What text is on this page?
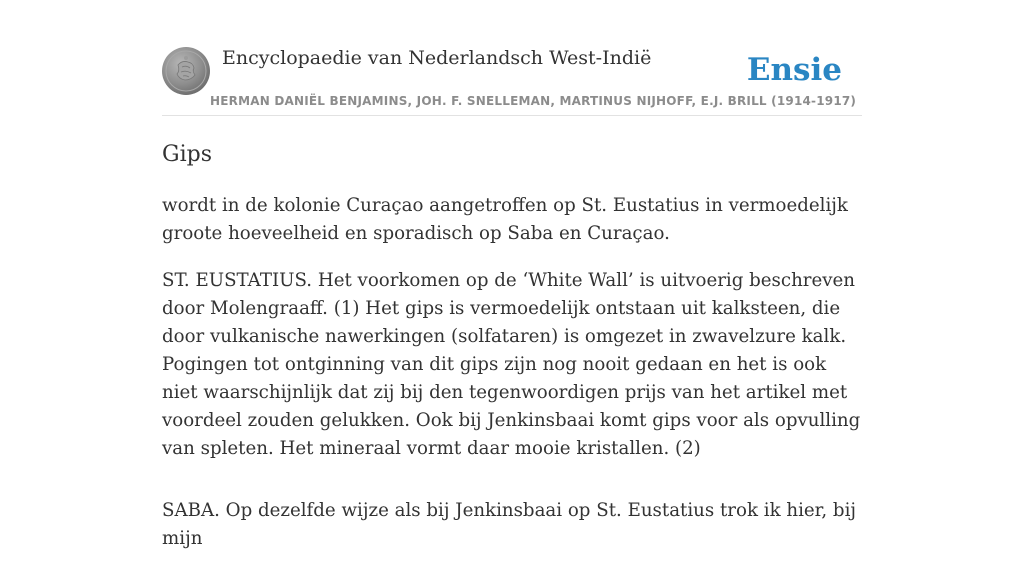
Encyclopaedie van Nederlandsch West-Indië	Ensie
HERMAN DANIËL BENJAMINS, JOH. F. SNELLEMAN, MARTINUS NIJHOFF, E.J. BRILL (1914-1917)
Gips

wordt in de kolonie Curaçao aangetroffen op St. Eustatius in vermoedelijk groote hoeveelheid en sporadisch op Saba en Curaçao.

ST. EUSTATIUS. Het voorkomen op de ‘White Wall’ is uitvoerig beschreven door Molengraaff. (1) Het gips is vermoedelijk ontstaan uit kalksteen, die door vulkanische nawerkingen (solfataren) is omgezet in zwavelzure kalk. Pogingen tot ontginning van dit gips zijn nog nooit gedaan en het is ook niet waarschijnlijk dat zij bij den tegenwoordigen prijs van het artikel met voordeel zouden gelukken. Ook bij Jenkinsbaai komt gips voor als opvulling van spleten. Het mineraal vormt daar mooie kristallen. (2)

SABA. Op dezelfde wijze als bij Jenkinsbaai op St. Eustatius trok ik hier, bij mijn
